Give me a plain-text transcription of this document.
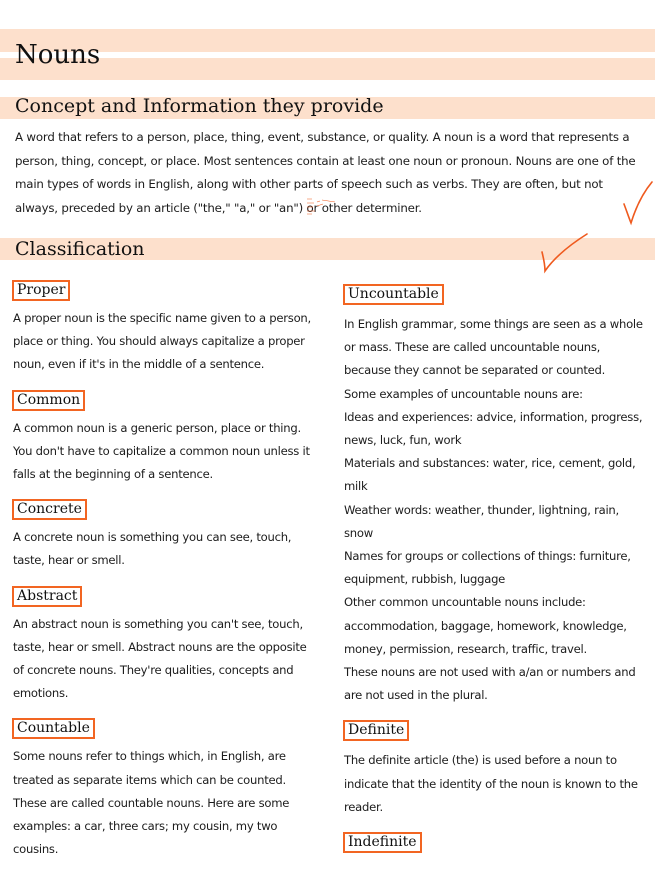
Nouns
Concept and Information they provide

A word that refers to a person, place, thing, event, substance, or quality. A noun is a word that represents a person, thing, concept, or place. Most sentences contain at least one noun or pronoun. Nouns are one of the main types of words in English, along with other parts of speech such as verbs. They are often, but not always, preceded by an article ("the," "a," or "an") or other determiner.

Classification
Proper

A proper noun is the specific name given to a person, place or thing. You should always capitalize a proper noun, even if it's in the middle of a sentence.

Common

A common noun is a generic person, place or thing. You don't have to capitalize a common noun unless it falls at the beginning of a sentence.

Concrete

A concrete noun is something you can see, touch, taste, hear or smell.

Abstract

An abstract noun is something you can't see, touch, taste, hear or smell. Abstract nouns are the opposite of concrete nouns. They're qualities, concepts and emotions.

Countable

Some nouns refer to things which, in English, are treated as separate items which can be counted. These are called countable nouns. Here are some examples: a car, three cars; my cousin, my two cousins.

Uncountable

In English grammar, some things are seen as a whole or mass. These are called uncountable nouns, because they cannot be separated or counted.
Some examples of uncountable nouns are:
Ideas and experiences: advice, information, progress, news, luck, fun, work
Materials and substances: water, rice, cement, gold, milk
Weather words: weather, thunder, lightning, rain, snow
Names for groups or collections of things: furniture, equipment, rubbish, luggage
Other common uncountable nouns include: accommodation, baggage, homework, knowledge, money, permission, research, traffic, travel.
These nouns are not used with a/an or numbers and are not used in the plural.

Definite

The definite article (the) is used before a noun to indicate that the identity of the noun is known to the reader.

Indefinite
